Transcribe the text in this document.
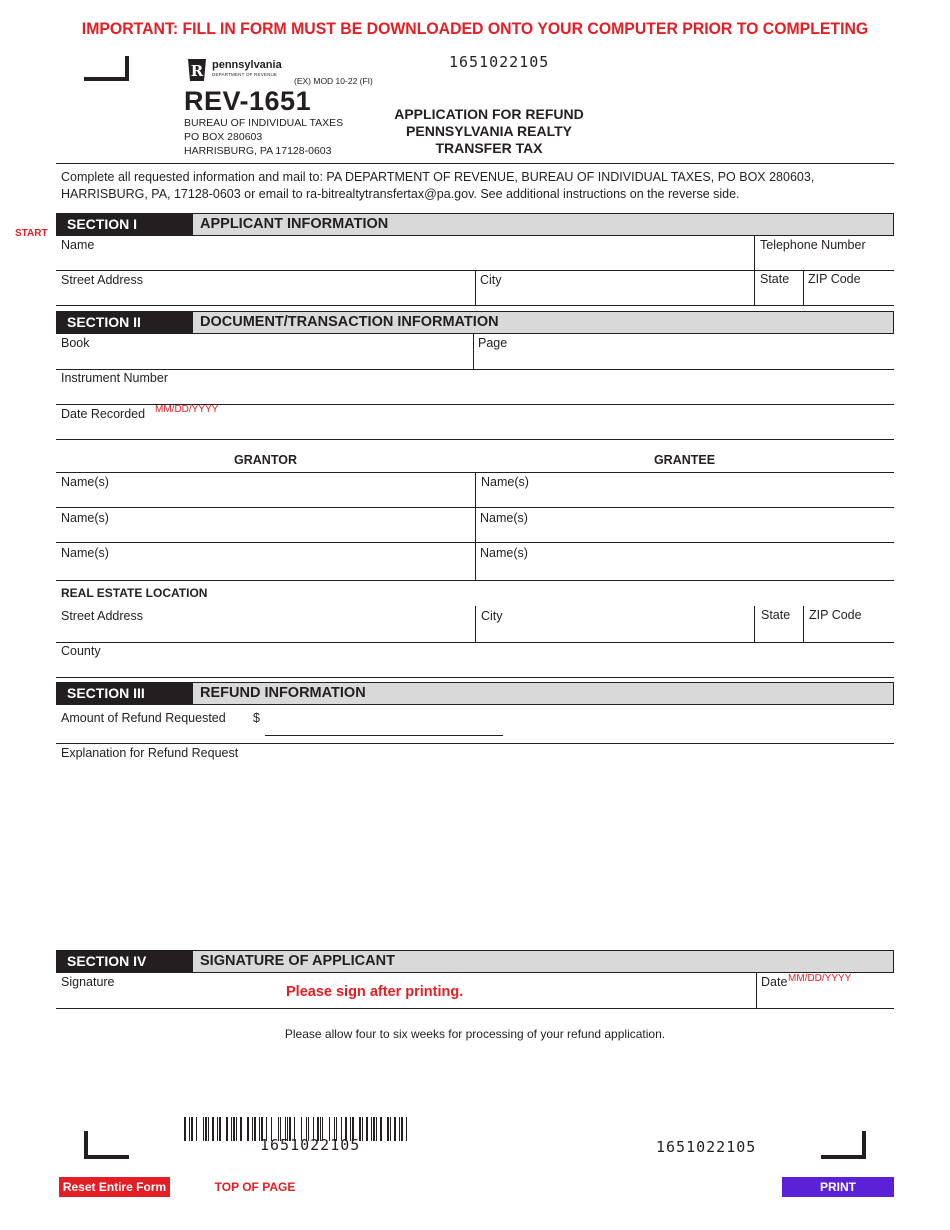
IMPORTANT: FILL IN FORM MUST BE DOWNLOADED ONTO YOUR COMPUTER PRIOR TO COMPLETING
R pennsylvania
DEPARTMENT OF REVENUE
(EX) MOD 10-22 (FI)
1651022105
REV-1651
BUREAU OF INDIVIDUAL TAXES
PO BOX 280603
HARRISBURG, PA 17128-0603
APPLICATION FOR REFUND
PENNSYLVANIA REALTY
TRANSFER TAX
Complete all requested information and mail to: PA DEPARTMENT OF REVENUE, BUREAU OF INDIVIDUAL TAXES, PO BOX 280603, HARRISBURG, PA, 17128-0603 or email to ra-bitrealtytransfertax@pa.gov. See additional instructions on the reverse side.
START
SECTION I	APPLICANT INFORMATION
Name	Telephone Number
Street Address	City	State ZIP Code
SECTION II	DOCUMENT/TRANSACTION INFORMATION
Book	Page
Instrument Number
Date Recorded MM/DD/YYYY
GRANTOR	GRANTEE
Name(s)	Name(s)
Name(s)	Name(s)
Name(s)	Name(s)
REAL ESTATE LOCATION
Street Address	City	State ZIP Code
County
SECTION III	REFUND INFORMATION
Amount of Refund Requested $
Explanation for Refund Request
SECTION IV	SIGNATURE OF APPLICANT
Signature
Please sign after printing.
Date MM/DD/YYYY
Please allow four to six weeks for processing of your refund application.
1651022105	1651022105
Reset Entire Form	TOP OF PAGE	PRINT
